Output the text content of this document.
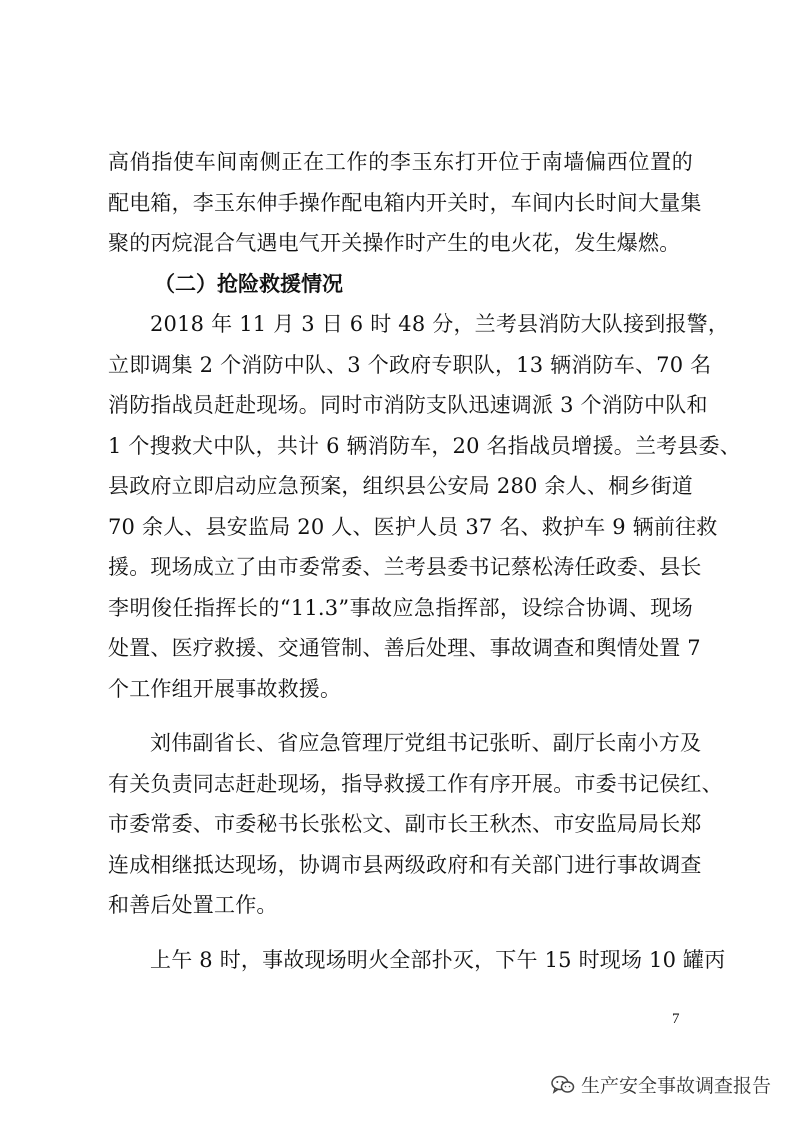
高俏指使车间南侧正在工作的李玉东打开位于南墙偏西位置的
配电箱，李玉东伸手操作配电箱内开关时，车间内长时间大量集
聚的丙烷混合气遇电气开关操作时产生的电火花，发生爆燃。
（二）抢险救援情况
2018 年 11 月 3 日 6 时 48 分，兰考县消防大队接到报警，
立即调集 2 个消防中队、3 个政府专职队，13 辆消防车、70 名
消防指战员赶赴现场。同时市消防支队迅速调派 3 个消防中队和
1 个搜救犬中队，共计 6 辆消防车，20 名指战员增援。兰考县委、
县政府立即启动应急预案，组织县公安局 280 余人、桐乡街道
70 余人、县安监局 20 人、医护人员 37 名、救护车 9 辆前往救
援。现场成立了由市委常委、兰考县委书记蔡松涛任政委、县长
李明俊任指挥长的“11.3”事故应急指挥部，设综合协调、现场
处置、医疗救援、交通管制、善后处理、事故调查和舆情处置 7
个工作组开展事故救援。
刘伟副省长、省应急管理厅党组书记张昕、副厅长南小方及
有关负责同志赶赴现场，指导救援工作有序开展。市委书记侯红、
市委常委、市委秘书长张松文、副市长王秋杰、市安监局局长郑
连成相继抵达现场，协调市县两级政府和有关部门进行事故调查
和善后处置工作。
上午 8 时，事故现场明火全部扑灭，下午 15 时现场 10 罐丙
7
生产安全事故调查报告
